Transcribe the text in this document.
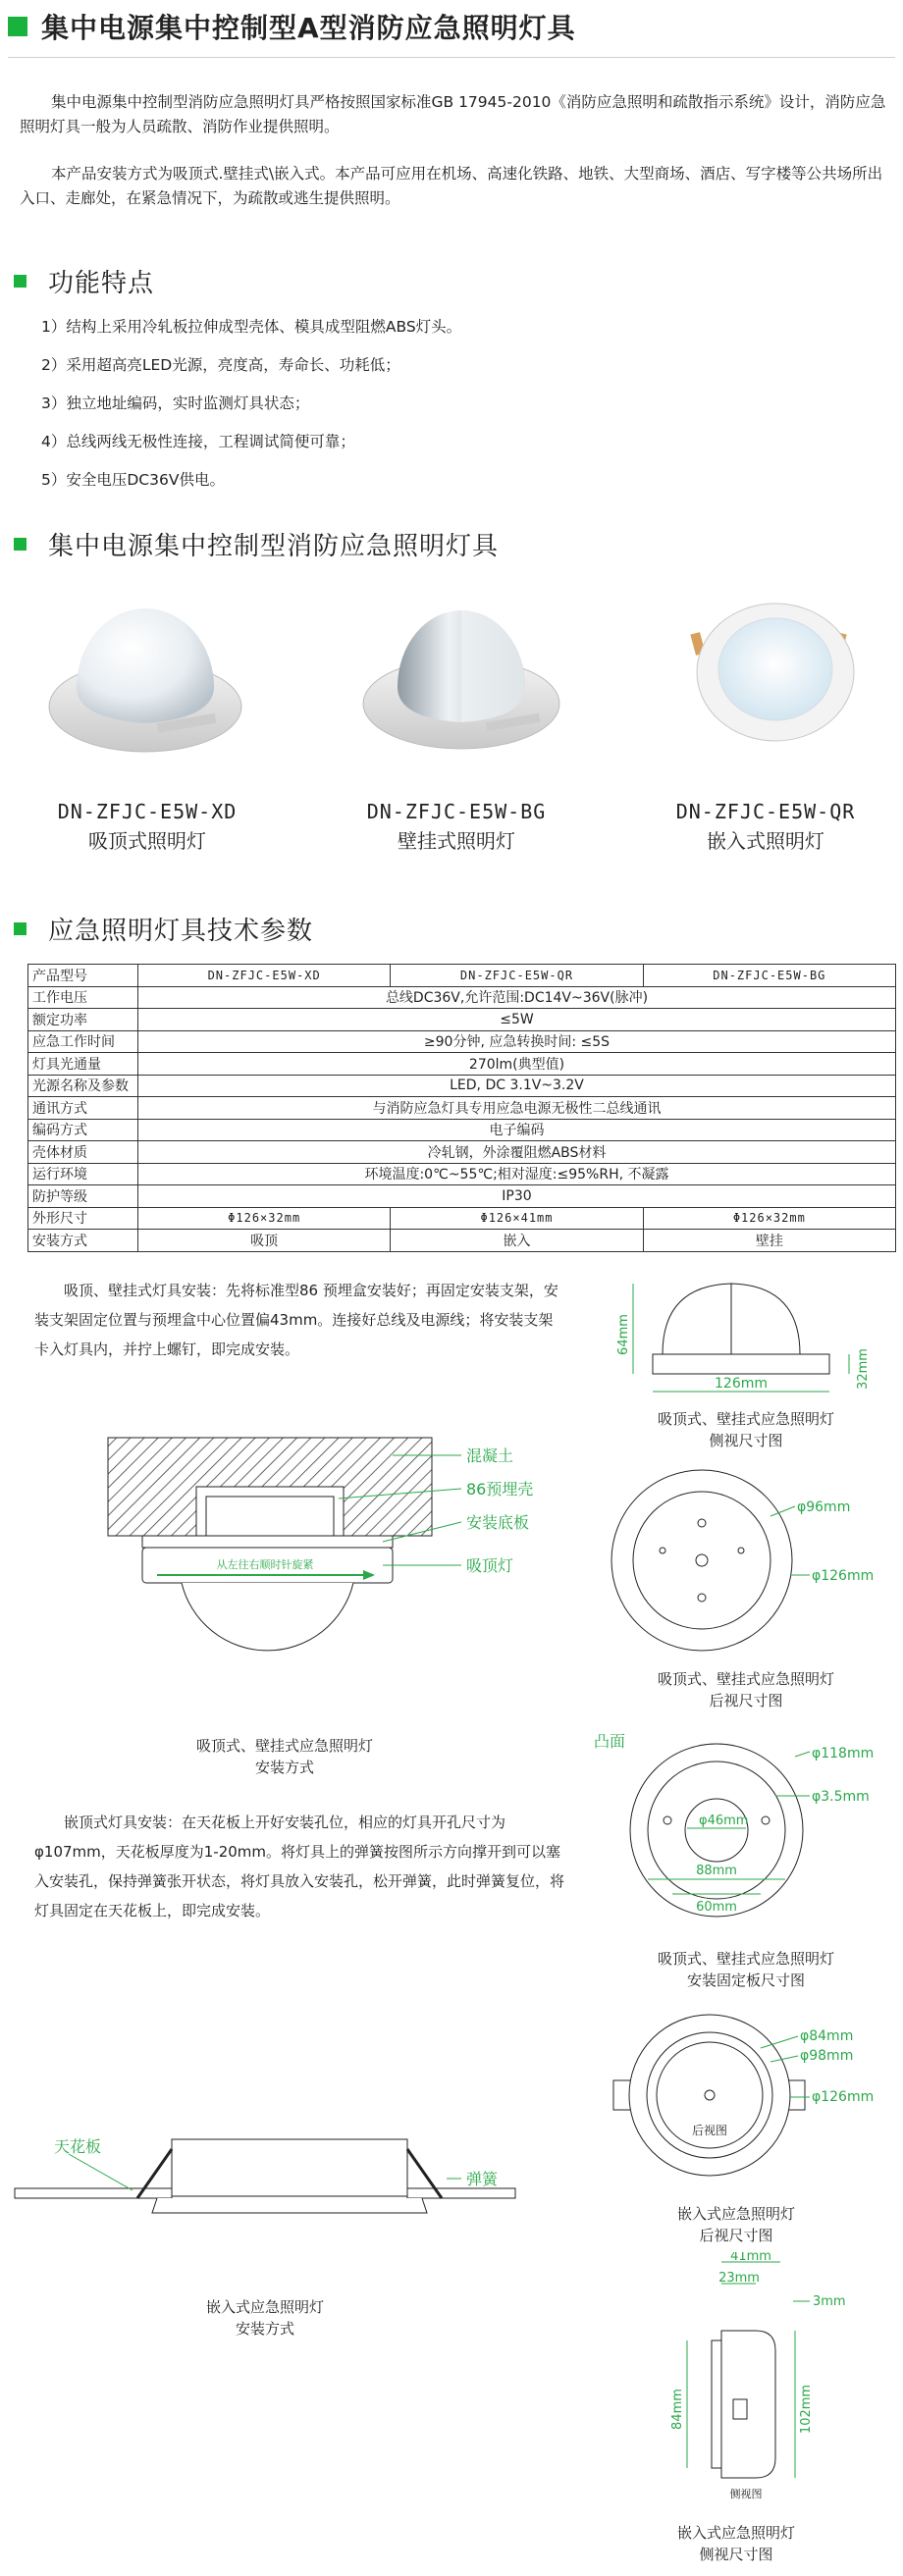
集中电源集中控制型A型消防应急照明灯具

集中电源集中控制型消防应急照明灯具严格按照国家标准GB 17945-2010《消防应急照明和疏散指示系统》设计，消防应急照明灯具一般为人员疏散、消防作业提供照明。

本产品安装方式为吸顶式.壁挂式\嵌入式。本产品可应用在机场、高速化铁路、地铁、大型商场、酒店、写字楼等公共场所出入口、走廊处，在紧急情况下，为疏散或逃生提供照明。

功能特点
1）结构上采用冷轧板拉伸成型壳体、模具成型阻燃ABS灯头。
2）采用超高亮LED光源，亮度高，寿命长、功耗低；
3）独立地址编码，实时监测灯具状态；
4）总线两线无极性连接，工程调试简便可靠；
5）安全电压DC36V供电。
集中电源集中控制型消防应急照明灯具
DN-ZFJC-E5W-XD
吸顶式照明灯
DN-ZFJC-E5W-BG
壁挂式照明灯
DN-ZFJC-E5W-QR
嵌入式照明灯
应急照明灯具技术参数
产品型号	DN-ZFJC-E5W-XD	DN-ZFJC-E5W-QR	DN-ZFJC-E5W-BG
工作电压	总线DC36V,允许范围:DC14V~36V(脉冲)		
额定功率	≤5W		
应急工作时间	≥90分钟, 应急转换时间: ≤5S		
灯具光通量	270lm(典型值)		
光源名称及参数	LED, DC 3.1V~3.2V		
通讯方式	与消防应急灯具专用应急电源无极性二总线通讯		
编码方式	电子编码		
壳体材质	冷轧钢，外涂覆阻燃ABS材料		
运行环境	环境温度:0℃~55℃;相对湿度:≤95%RH, 不凝露		
防护等级	IP30		
外形尺寸	Φ126×32mm	Φ126×41mm	Φ126×32mm
安装方式	吸顶	嵌入	壁挂

吸顶、壁挂式灯具安装：先将标准型86 预埋盒安装好；再固定安装支架，安装支架固定位置与预埋盒中心位置偏43mm。连接好总线及电源线；将安装支架卡入灯具内，并拧上螺钉，即完成安装。

从左往右顺时针旋紧
混凝土
86预埋壳
安装底板
吸顶灯
吸顶式、壁挂式应急照明灯
安装方式

嵌顶式灯具安装：在天花板上开好安装孔位，相应的灯具开孔尺寸为φ107mm，天花板厚度为1-20mm。将灯具上的弹簧按图所示方向撑开到可以塞入安装孔，保持弹簧张开状态，将灯具放入安装孔，松开弹簧，此时弹簧复位，将灯具固定在天花板上，即完成安装。

天花板
弹簧
嵌入式应急照明灯
安装方式
64mm
32mm
126mm
吸顶式、壁挂式应急照明灯
侧视尺寸图
φ96mm
φ126mm
吸顶式、壁挂式应急照明灯
后视尺寸图
凸面
φ118mm
φ46mm
φ3.5mm
88mm
60mm
吸顶式、壁挂式应急照明灯
安装固定板尺寸图
后视图
φ84mm
φ98mm
φ126mm
嵌入式应急照明灯
后视尺寸图
41mm
23mm
3mm
84mm	102mm
侧视图
嵌入式应急照明灯
侧视尺寸图
